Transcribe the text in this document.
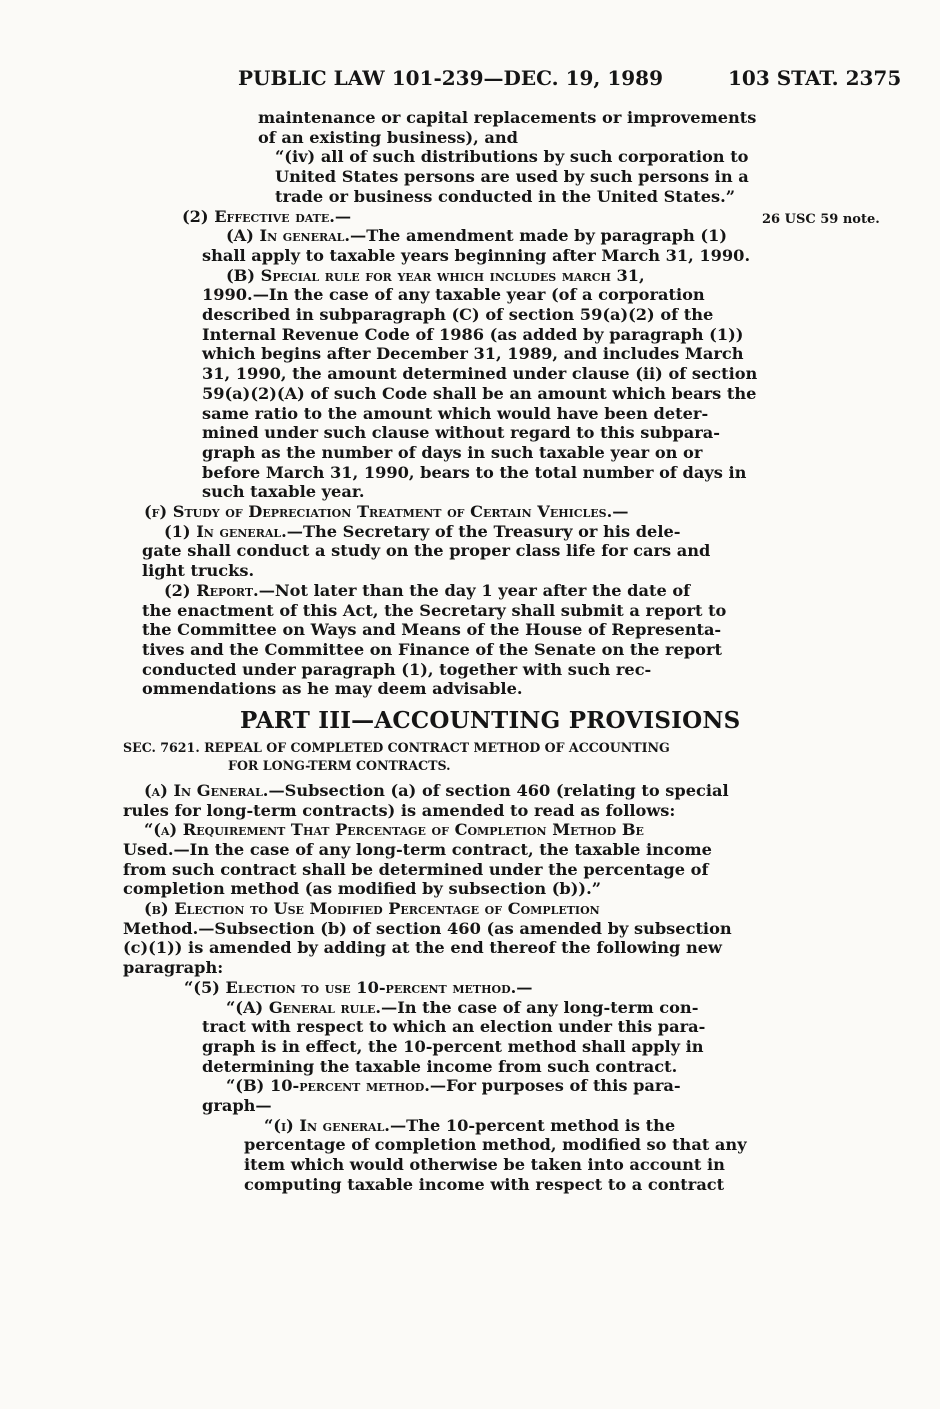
PUBLIC LAW 101-239—DEC. 19, 1989	103 STAT. 2375
26 USC 59 note.
maintenance or capital replacements or improvements
of an existing business), and
“(iv) all of such distributions by such corporation to
United States persons are used by such persons in a
trade or business conducted in the United States.”
(2) Effective date.—
(A) In general.—The amendment made by paragraph (1)
shall apply to taxable years beginning after March 31, 1990.
(B) Special rule for year which includes march 31,
1990.—In the case of any taxable year (of a corporation
described in subparagraph (C) of section 59(a)(2) of the
Internal Revenue Code of 1986 (as added by paragraph (1))
which begins after December 31, 1989, and includes March
31, 1990, the amount determined under clause (ii) of section
59(a)(2)(A) of such Code shall be an amount which bears the
same ratio to the amount which would have been deter-
mined under such clause without regard to this subpara-
graph as the number of days in such taxable year on or
before March 31, 1990, bears to the total number of days in
such taxable year.
(f) Study of Depreciation Treatment of Certain Vehicles.—
(1) In general.—The Secretary of the Treasury or his dele-
gate shall conduct a study on the proper class life for cars and
light trucks.
(2) Report.—Not later than the day 1 year after the date of
the enactment of this Act, the Secretary shall submit a report to
the Committee on Ways and Means of the House of Representa-
tives and the Committee on Finance of the Senate on the report
conducted under paragraph (1), together with such rec-
ommendations as he may deem advisable.
PART III—ACCOUNTING PROVISIONS
SEC. 7621. REPEAL OF COMPLETED CONTRACT METHOD OF ACCOUNTING
FOR LONG-TERM CONTRACTS.
(a) In General.—Subsection (a) of section 460 (relating to special
rules for long-term contracts) is amended to read as follows:
“(a) Requirement That Percentage of Completion Method Be
Used.—In the case of any long-term contract, the taxable income
from such contract shall be determined under the percentage of
completion method (as modified by subsection (b)).”
(b) Election to Use Modified Percentage of Completion
Method.—Subsection (b) of section 460 (as amended by subsection
(c)(1)) is amended by adding at the end thereof the following new
paragraph:
“(5) Election to use 10-percent method.—
“(A) General rule.—In the case of any long-term con-
tract with respect to which an election under this para-
graph is in effect, the 10-percent method shall apply in
determining the taxable income from such contract.
“(B) 10-percent method.—For purposes of this para-
graph—
“(i) In general.—The 10-percent method is the
percentage of completion method, modified so that any
item which would otherwise be taken into account in
computing taxable income with respect to a contract
